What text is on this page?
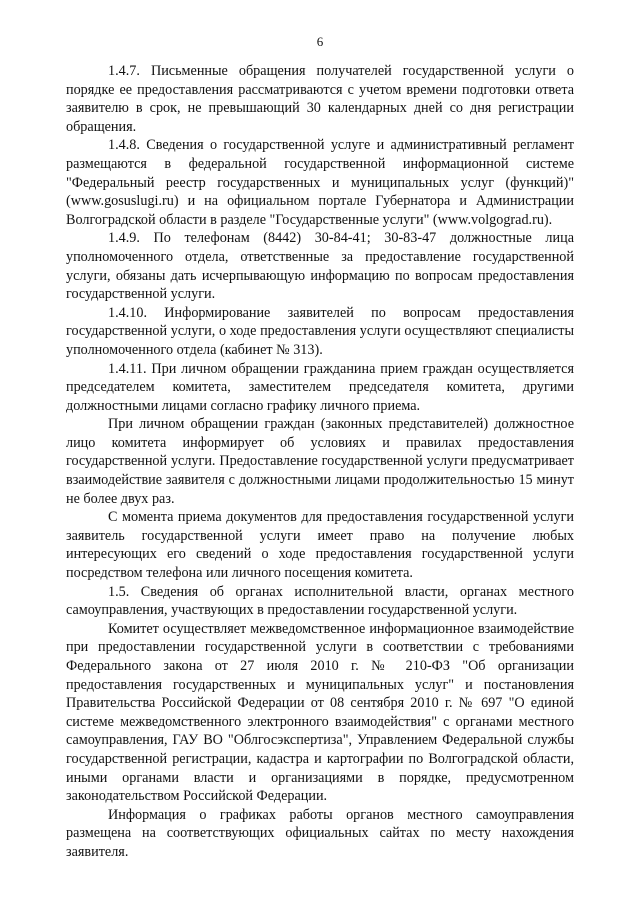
6

1.4.7. Письменные обращения получателей государственной услуги о порядке ее предоставления рассматриваются с учетом времени подготовки ответа заявителю в срок, не превышающий 30 календарных дней со дня регистрации обращения.

1.4.8. Сведения о государственной услуге и административный регламент размещаются в федеральной государственной информационной системе "Федеральный реестр государственных и муниципальных услуг (функций)" (www.gosuslugi.ru) и на официальном портале Губернатора и Администрации Волгоградской области в разделе "Государственные услуги" (www.volgograd.ru).

1.4.9. По телефонам (8442) 30-84-41; 30-83-47 должностные лица уполномоченного отдела, ответственные за предоставление государственной услуги, обязаны дать исчерпывающую информацию по вопросам предоставления государственной услуги.

1.4.10. Информирование заявителей по вопросам предоставления государственной услуги, о ходе предоставления услуги осуществляют специалисты уполномоченного отдела (кабинет № 313).

1.4.11. При личном обращении гражданина прием граждан осуществляется председателем комитета, заместителем председателя комитета, другими должностными лицами согласно графику личного приема.

При личном обращении граждан (законных представителей) должностное лицо комитета информирует об условиях и правилах предоставления государственной услуги. Предоставление государственной услуги предусматривает взаимодействие заявителя с должностными лицами продолжительностью 15 минут не более двух раз.

С момента приема документов для предоставления государственной услуги заявитель государственной услуги имеет право на получение любых интересующих его сведений о ходе предоставления государственной услуги посредством телефона или личного посещения комитета.

1.5. Сведения об органах исполнительной власти, органах местного самоуправления, участвующих в предоставлении государственной услуги.

Комитет осуществляет межведомственное информационное взаимодействие при предоставлении государственной услуги в соответствии с требованиями Федерального закона от 27 июля 2010 г. № 210-ФЗ "Об организации предоставления государственных и муниципальных услуг" и постановления Правительства Российской Федерации от 08 сентября 2010 г. № 697 "О единой системе межведомственного электронного взаимодействия" с органами местного самоуправления, ГАУ ВО "Облгосэкспертиза", Управлением Федеральной службы государственной регистрации, кадастра и картографии по Волгоградской области, иными органами власти и организациями в порядке, предусмотренном законодательством Российской Федерации.

Информация о графиках работы органов местного самоуправления размещена на соответствующих официальных сайтах по месту нахождения заявителя.
